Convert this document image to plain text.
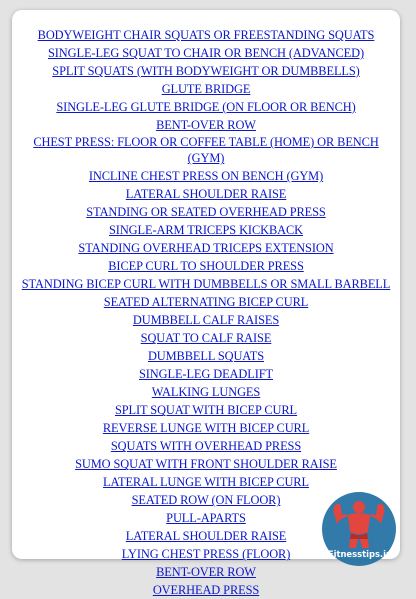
BODYWEIGHT CHAIR SQUATS OR FREESTANDING SQUATS
SINGLE-LEG SQUAT TO CHAIR OR BENCH (ADVANCED)
SPLIT SQUATS (WITH BODYWEIGHT OR DUMBBELLS)
GLUTE BRIDGE
SINGLE-LEG GLUTE BRIDGE (ON FLOOR OR BENCH)
BENT-OVER ROW
CHEST PRESS: FLOOR OR COFFEE TABLE (HOME) OR BENCH (GYM)
INCLINE CHEST PRESS ON BENCH (GYM)
LATERAL SHOULDER RAISE
STANDING OR SEATED OVERHEAD PRESS
SINGLE-ARM TRICEPS KICKBACK
STANDING OVERHEAD TRICEPS EXTENSION
BICEP CURL TO SHOULDER PRESS
STANDING BICEP CURL WITH DUMBBELLS OR SMALL BARBELL
SEATED ALTERNATING BICEP CURL
DUMBBELL CALF RAISES
SQUAT TO CALF RAISE
DUMBBELL SQUATS
SINGLE-LEG DEADLIFT
WALKING LUNGES
SPLIT SQUAT WITH BICEP CURL
REVERSE LUNGE WITH BICEP CURL
SQUATS WITH OVERHEAD PRESS
SUMO SQUAT WITH FRONT SHOULDER RAISE
LATERAL LUNGE WITH BICEP CURL
SEATED ROW (ON FLOOR)
PULL-APARTS
LATERAL SHOULDER RAISE
LYING CHEST PRESS (FLOOR)
BENT-OVER ROW
OVERHEAD PRESS
Fitnesstips.ir
